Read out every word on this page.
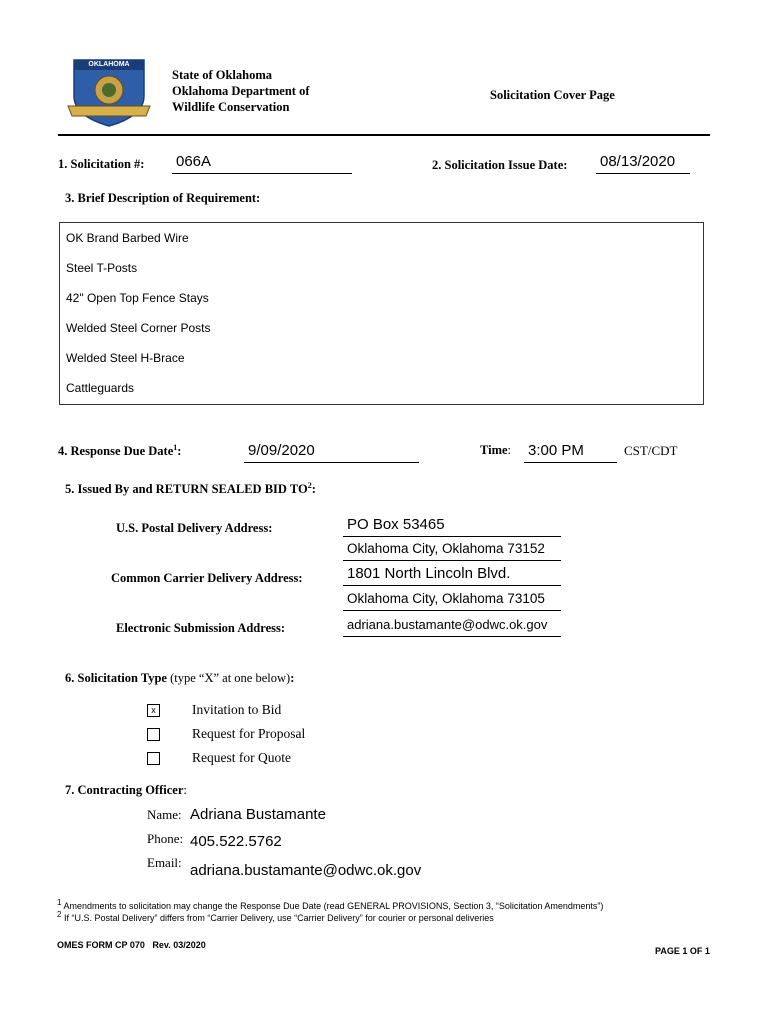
OKLAHOMA
State of Oklahoma
Oklahoma Department of
Wildlife Conservation
Solicitation Cover Page
1. Solicitation #: 066A	2. Solicitation Issue Date: 08/13/2020
3. Brief Description of Requirement:
OK Brand Barbed Wire
Steel T-Posts
42" Open Top Fence Stays
Welded Steel Corner Posts
Welded Steel H-Brace
Cattleguards
4. Response Due Date$^1$:	9/09/2020	Time: 3:00 PM	CST/CDT
5. Issued By and RETURN SEALED BID $TO^2$:
U.S. Postal Delivery Address:	PO Box 53465
Oklahoma City, Oklahoma 73152
Common Carrier Delivery Address:	1801 North Lincoln Blvd.
Oklahoma City, Oklahoma 73105
Electronic Submission Address:	adriana.bustamante@odwc.ok.gov
6. Solicitation Type (type “X” at one below):
x	Invitation to Bid
Request for Proposal
Request for Quote
7. Contracting Officer:
Name: Adriana Bustamante
Phone: 405.522.5762
Email: adriana.bustamante@odwc.ok.gov
$^1$ Amendments to solicitation may change the Response Due Date (read GENERAL PROVISIONS, Section 3, “Solicitation Amendments”)
$^2$ If “U.S. Postal Delivery” differs from “Carrier Delivery, use “Carrier Delivery” for courier or personal deliveries
OMES FORM CP 070   Rev. 03/2020
PAGE 1 OF 1
